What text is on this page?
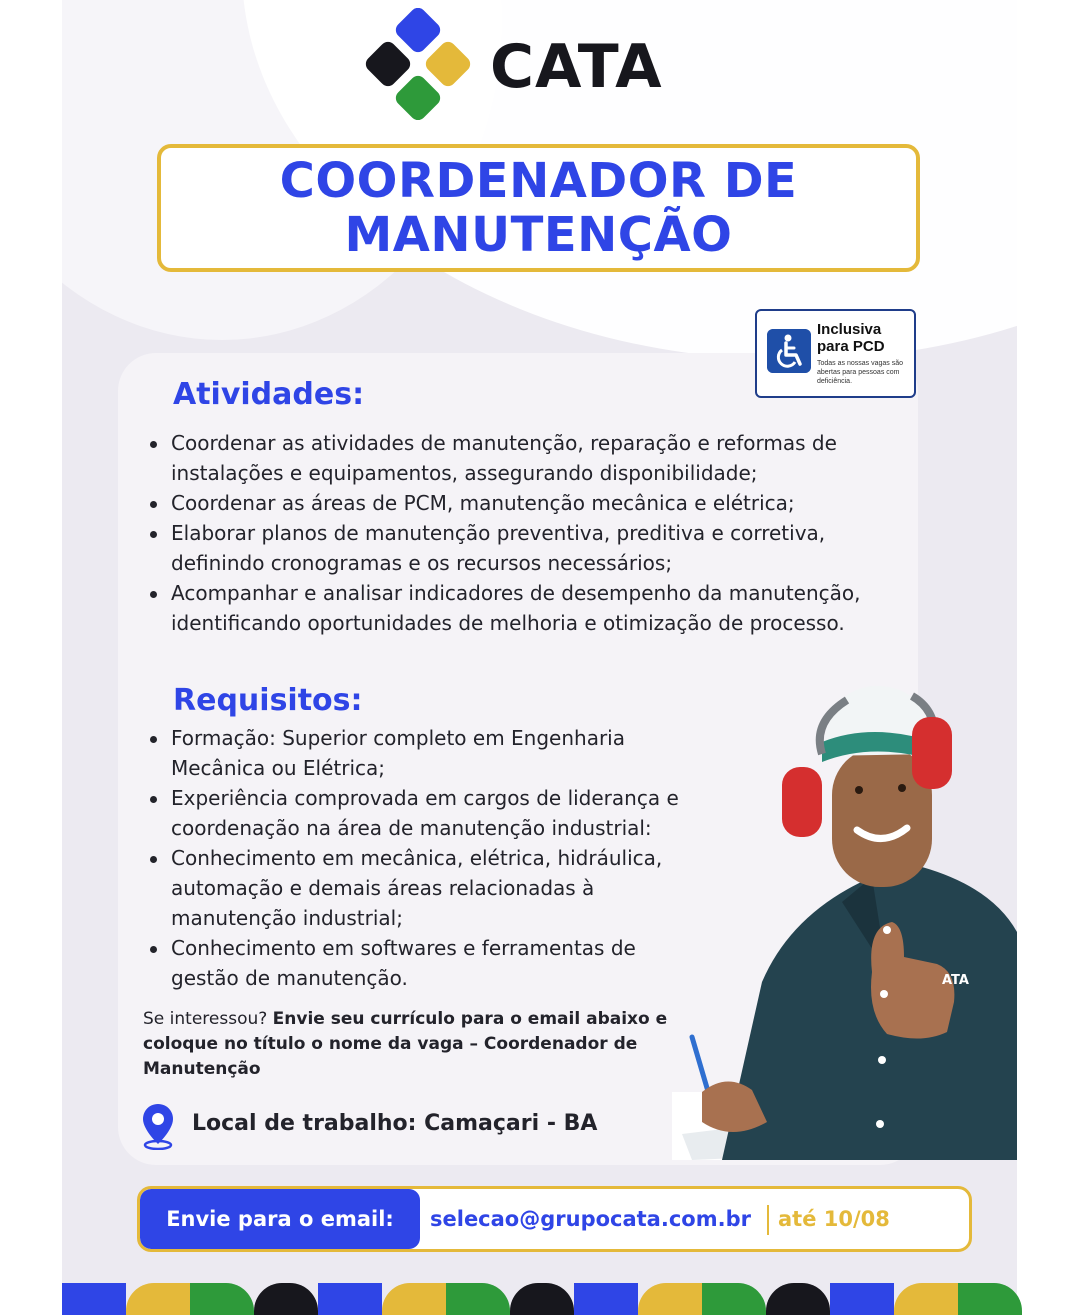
CATA
COORDENADOR DE
MANUTENÇÃO
Inclusiva
para PCD
Todas as nossas vagas são abertas para pessoas com deficiência.
Atividades:
Coordenar as atividades de manutenção, reparação e reformas de instalações e equipamentos, assegurando disponibilidade;
Coordenar as áreas de PCM, manutenção mecânica e elétrica;
Elaborar planos de manutenção preventiva, preditiva e corretiva, definindo cronogramas e os recursos necessários;
Acompanhar e analisar indicadores de desempenho da manutenção, identificando oportunidades de melhoria e otimização de processo.
Requisitos:
Formação: Superior completo em Engenharia Mecânica ou Elétrica;
Experiência comprovada em cargos de liderança e coordenação na área de manutenção industrial:
Conhecimento em mecânica, elétrica, hidráulica, automação e demais áreas relacionadas à manutenção industrial;
Conhecimento em softwares e ferramentas de gestão de manutenção.
Se interessou? Envie seu currículo para o email abaixo e coloque no título o nome da vaga – Coordenador de Manutenção
Local de trabalho: Camaçari - BA
ATA
Envie para o email:	selecao@grupocata.com.br até 10/08
